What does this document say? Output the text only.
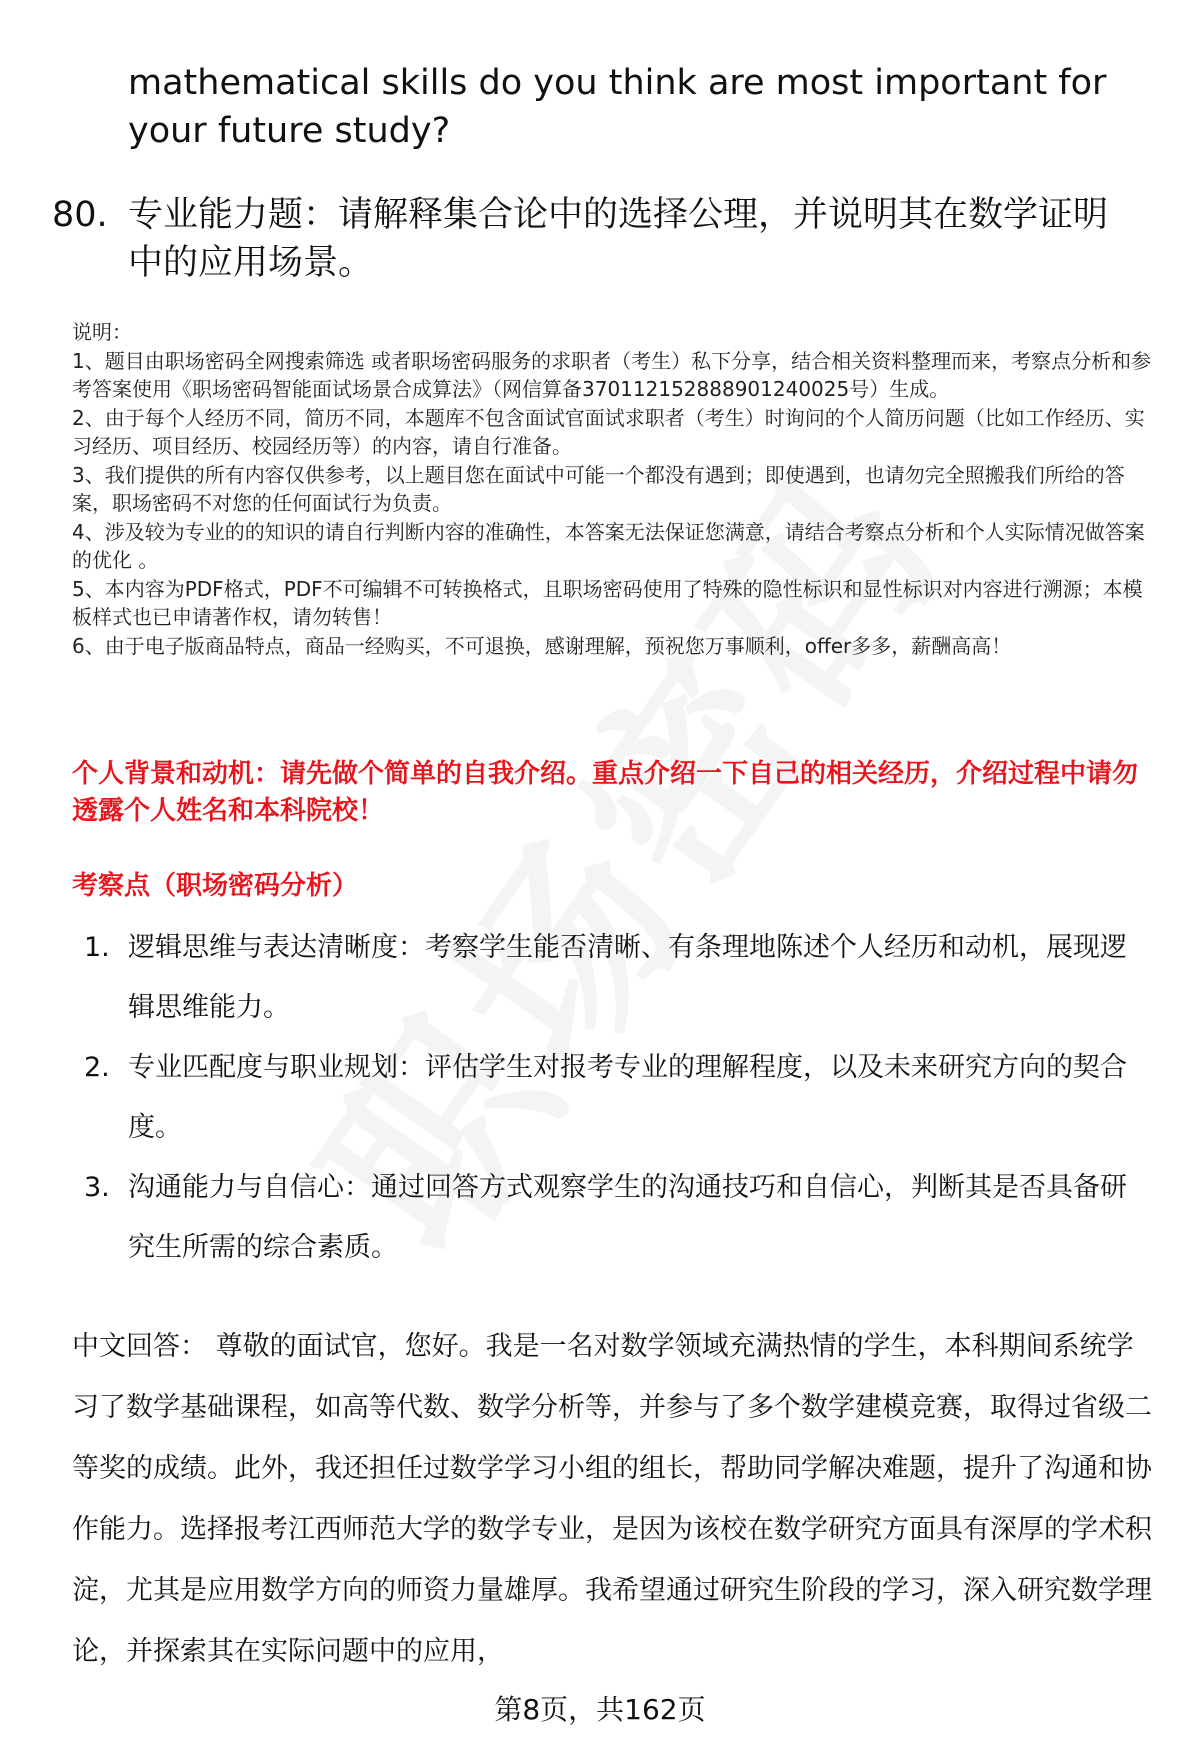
mathematical skills do you think are most important for
your future study?
80. 专业能力题：请解释集合论中的选择公理，并说明其在数学证明
中的应用场景。

说明：

1、题目由职场密码全网搜索筛选 或者职场密码服务的求职者（考生）私下分享，结合相关资料整理而来，考察点分析和参考答案使用《职场密码智能面试场景合成算法》（网信算备370112152888901240025号）生成。

2、由于每个人经历不同，简历不同，本题库不包含面试官面试求职者（考生）时询问的个人简历问题（比如工作经历、实习经历、项目经历、校园经历等）的内容，请自行准备。

3、我们提供的所有内容仅供参考，以上题目您在面试中可能一个都没有遇到；即使遇到，也请勿完全照搬我们所给的答案，职场密码不对您的任何面试行为负责。

4、涉及较为专业的的知识的请自行判断内容的准确性，本答案无法保证您满意，请结合考察点分析和个人实际情况做答案的优化 。

5、本内容为PDF格式，PDF不可编辑不可转换格式，且职场密码使用了特殊的隐性标识和显性标识对内容进行溯源；本模板样式也已申请著作权，请勿转售！

6、由于电子版商品特点，商品一经购买，不可退换，感谢理解，预祝您万事顺利，offer多多，薪酬高高！

个人背景和动机：请先做个简单的自我介绍。重点介绍一下自己的相关经历，介绍过程中请勿透露个人姓名和本科院校！
考察点（职场密码分析）
1. 逻辑思维与表达清晰度：考察学生能否清晰、有条理地陈述个人经历和动机，展现逻辑思维能力。
2. 专业匹配度与职业规划：评估学生对报考专业的理解程度，以及未来研究方向的契合度。
3. 沟通能力与自信心：通过回答方式观察学生的沟通技巧和自信心，判断其是否具备研究生所需的综合素质。
中文回答： 尊敬的面试官，您好。我是一名对数学领域充满热情的学生，本科期间系统学习了数学基础课程，如高等代数、数学分析等，并参与了多个数学建模竞赛，取得过省级二等奖的成绩。此外，我还担任过数学学习小组的组长，帮助同学解决难题，提升了沟通和协作能力。选择报考江西师范大学的数学专业，是因为该校在数学研究方面具有深厚的学术积淀，尤其是应用数学方向的师资力量雄厚。我希望通过研究生阶段的学习，深入研究数学理论，并探索其在实际问题中的应用，
第8页，共162页
